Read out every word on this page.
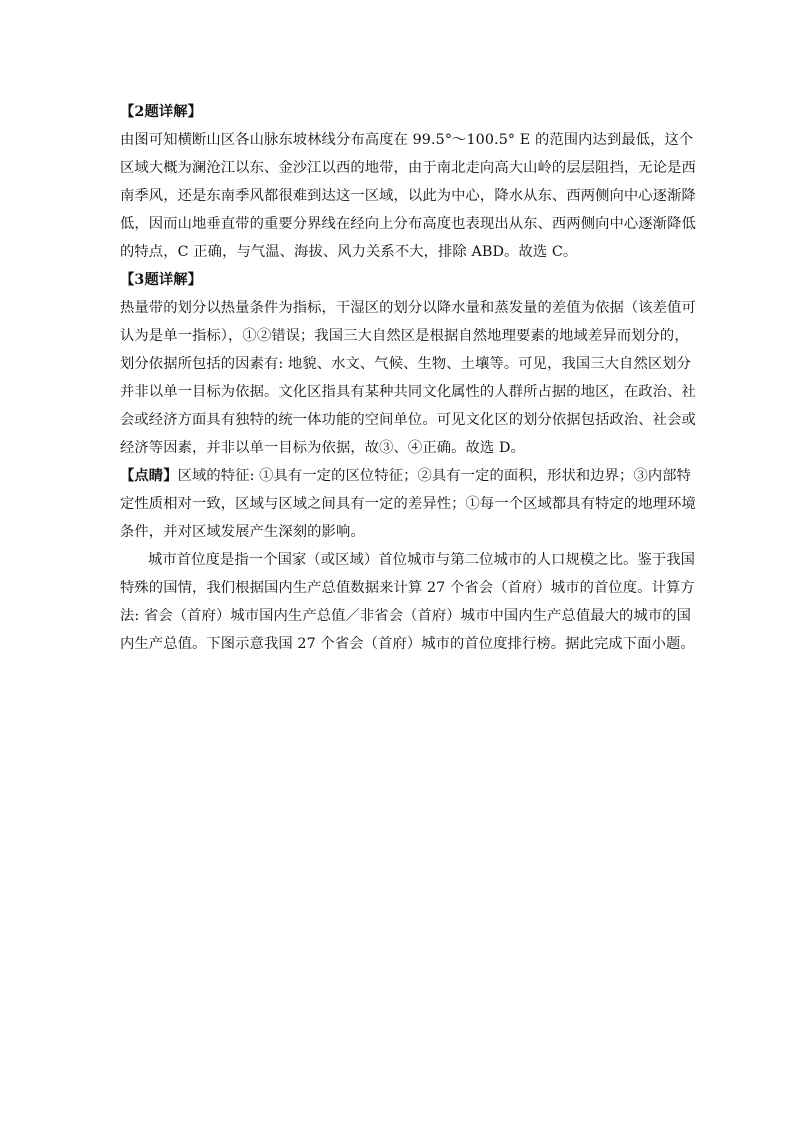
【2题详解】
由图可知横断山区各山脉东坡林线分布高度在 99.5°～100.5° E 的范围内达到最低，这个
区域大概为澜沧江以东、金沙江以西的地带，由于南北走向高大山岭的层层阻挡，无论是西
南季风，还是东南季风都很难到达这一区域，以此为中心，降水从东、西两侧向中心逐渐降
低，因而山地垂直带的重要分界线在经向上分布高度也表现出从东、西两侧向中心逐渐降低
的特点，C 正确，与气温、海拔、风力关系不大，排除 ABD。故选 C。
【3题详解】
热量带的划分以热量条件为指标，干湿区的划分以降水量和蒸发量的差值为依据（该差值可
认为是单一指标），①②错误；我国三大自然区是根据自然地理要素的地域差异而划分的，
划分依据所包括的因素有: 地貌、水文、气候、生物、土壤等。可见，我国三大自然区划分
并非以单一目标为依据。文化区指具有某种共同文化属性的人群所占据的地区，在政治、社
会或经济方面具有独特的统一体功能的空间单位。可见文化区的划分依据包括政治、社会或
经济等因素，并非以单一目标为依据，故③、④正确。故选 D。
【点睛】区域的特征: ①具有一定的区位特征；②具有一定的面积，形状和边界；③内部特
定性质相对一致，区域与区域之间具有一定的差异性；①每一个区域都具有特定的地理环境
条件，并对区域发展产生深刻的影响。
城市首位度是指一个国家（或区域）首位城市与第二位城市的人口规模之比。鉴于我国
特殊的国情，我们根据国内生产总值数据来计算 27 个省会（首府）城市的首位度。计算方
法: 省会（首府）城市国内生产总值／非省会（首府）城市中国内生产总值最大的城市的国
内生产总值。下图示意我国 27 个省会（首府）城市的首位度排行榜。据此完成下面小题。
